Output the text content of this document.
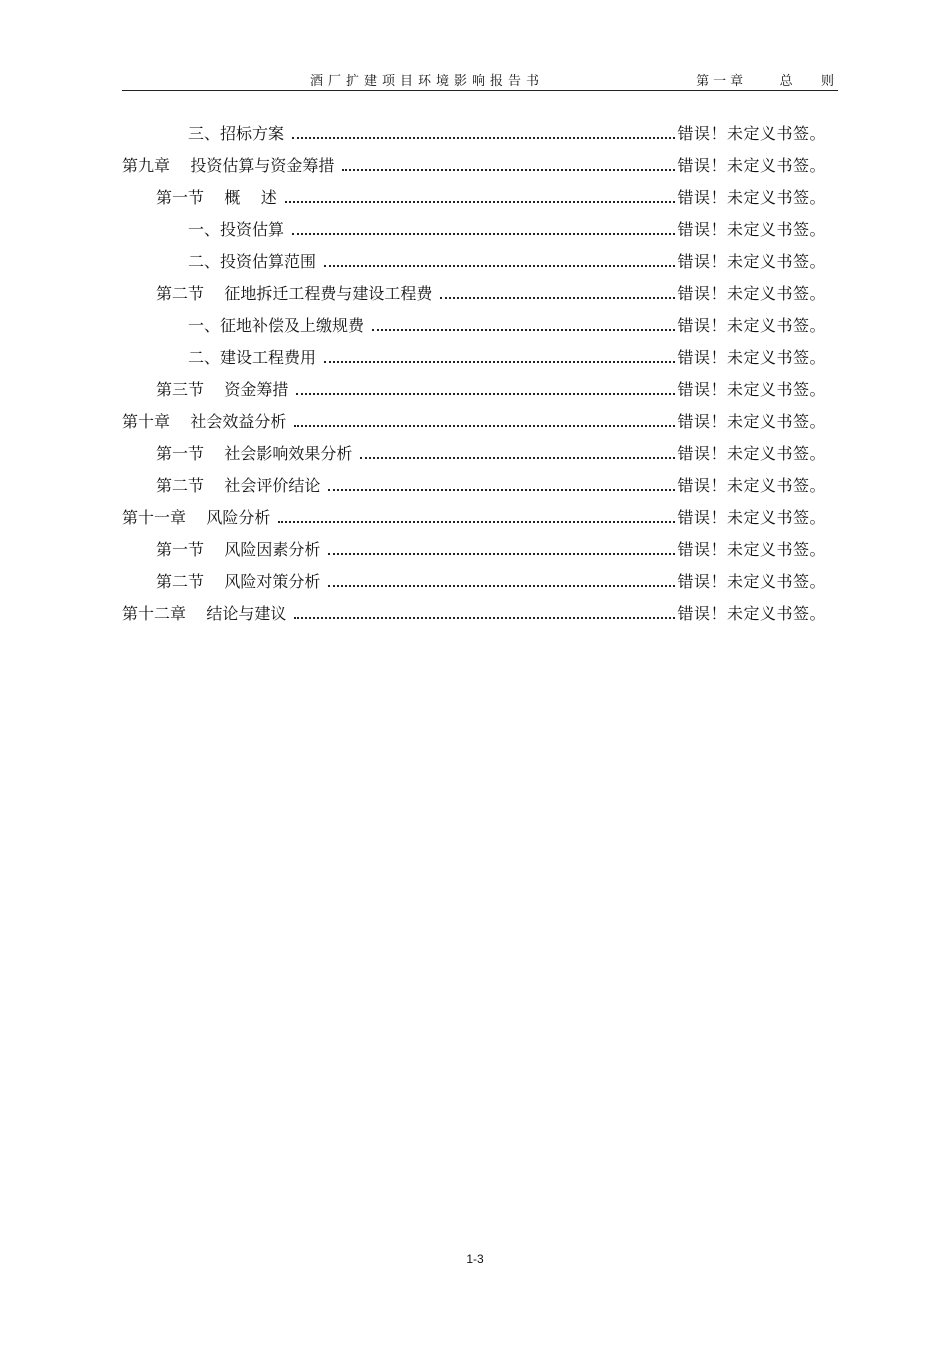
酒厂扩建项目环境影响报告书	第一章    总   则
三、招标方案	错误！未定义书签。
第九章    投资估算与资金筹措	错误！未定义书签。
第一节    概    述	错误！未定义书签。
一、投资估算	错误！未定义书签。
二、投资估算范围	错误！未定义书签。
第二节    征地拆迁工程费与建设工程费	错误！未定义书签。
一、征地补偿及上缴规费	错误！未定义书签。
二、建设工程费用	错误！未定义书签。
第三节    资金筹措	错误！未定义书签。
第十章    社会效益分析	错误！未定义书签。
第一节    社会影响效果分析	错误！未定义书签。
第二节    社会评价结论	错误！未定义书签。
第十一章    风险分析	错误！未定义书签。
第一节    风险因素分析	错误！未定义书签。
第二节    风险对策分析	错误！未定义书签。
第十二章    结论与建议	错误！未定义书签。
1-3
